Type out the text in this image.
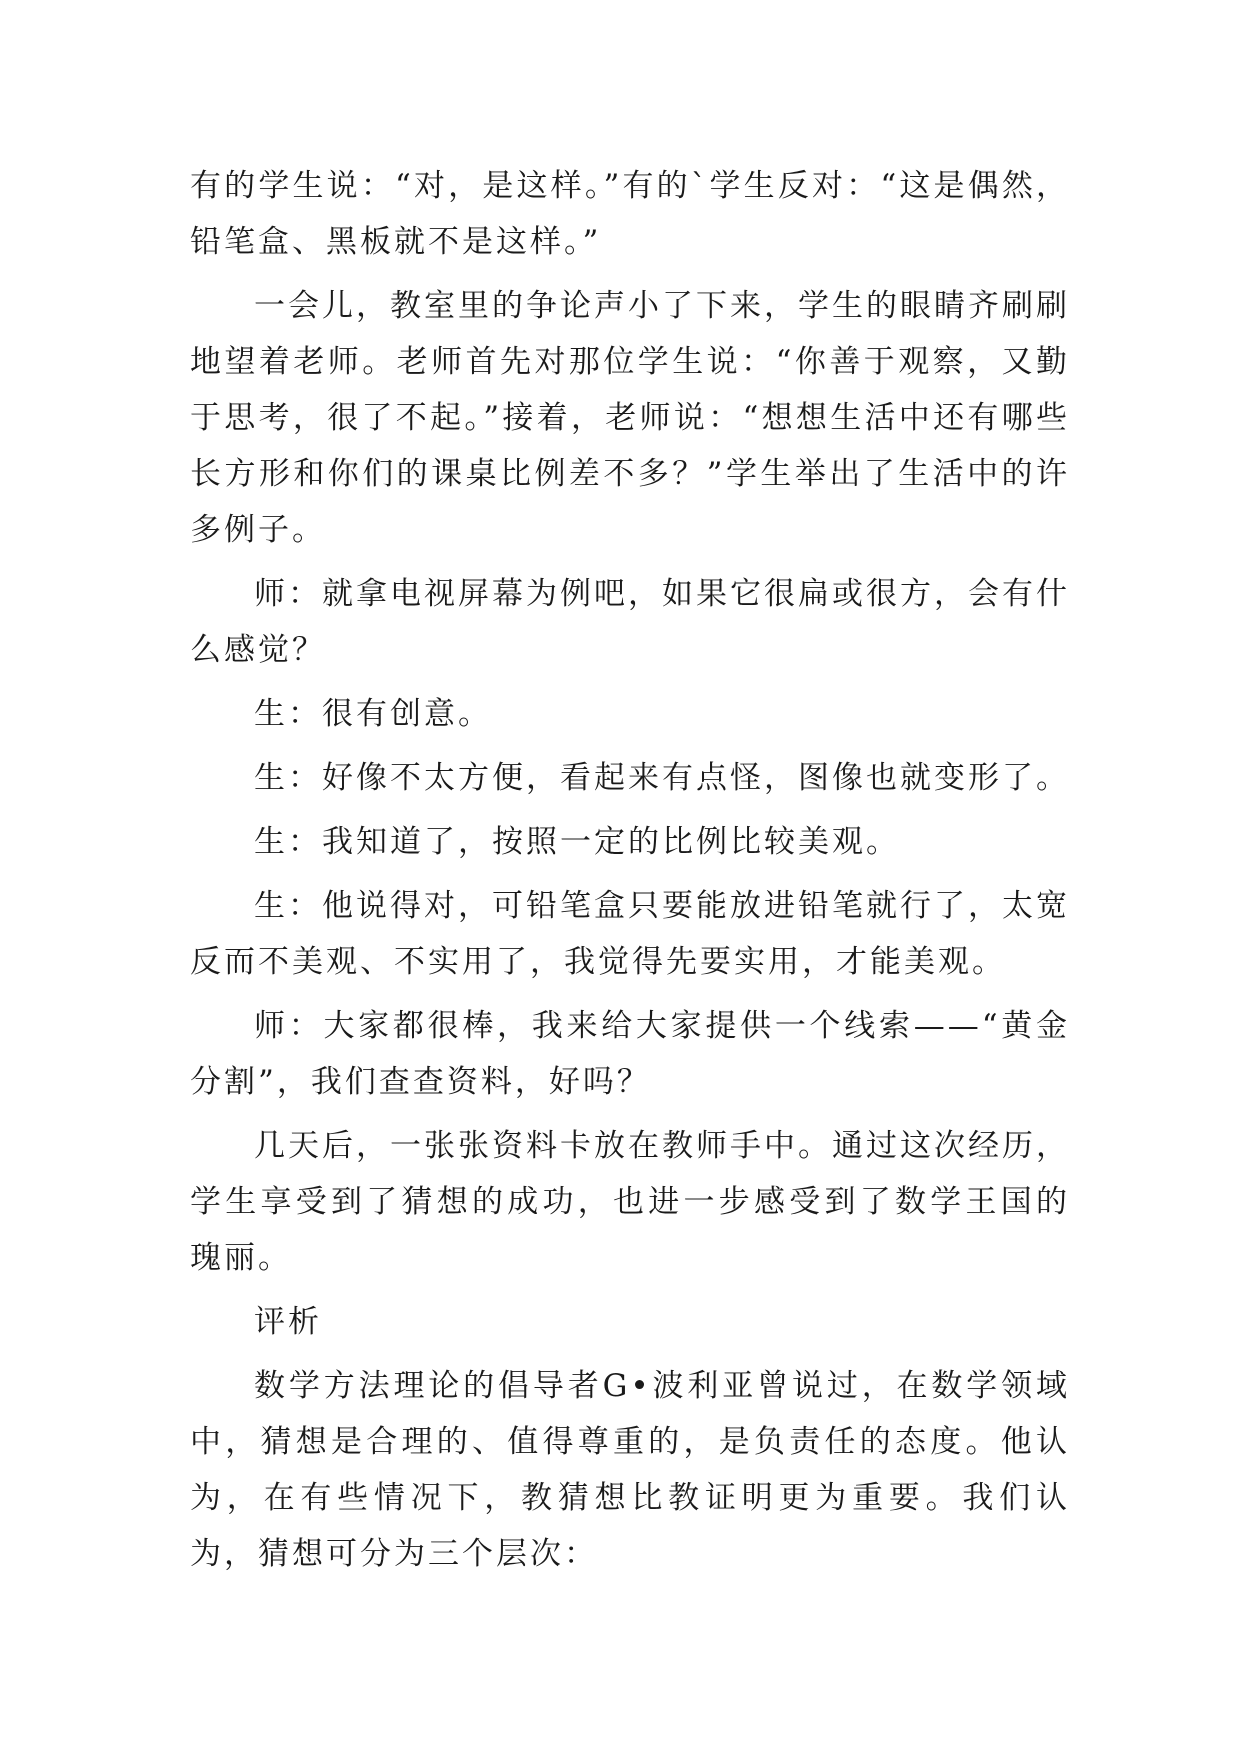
有的学生说：“对，是这样。”有的`学生反对：“这是偶然，铅笔盒、黑板就不是这样。”

一会儿，教室里的争论声小了下来，学生的眼睛齐刷刷地望着老师。老师首先对那位学生说：“你善于观察，又勤于思考，很了不起。”接着，老师说：“想想生活中还有哪些长方形和你们的课桌比例差不多？”学生举出了生活中的许多例子。

师：就拿电视屏幕为例吧，如果它很扁或很方，会有什么感觉？

生：很有创意。

生：好像不太方便，看起来有点怪，图像也就变形了。

生：我知道了，按照一定的比例比较美观。

生：他说得对，可铅笔盒只要能放进铅笔就行了，太宽反而不美观、不实用了，我觉得先要实用，才能美观。

师：大家都很棒，我来给大家提供一个线索——“黄金分割”，我们查查资料，好吗？

几天后，一张张资料卡放在教师手中。通过这次经历，学生享受到了猜想的成功，也进一步感受到了数学王国的瑰丽。

评析

数学方法理论的倡导者G•波利亚曾说过，在数学领域中，猜想是合理的、值得尊重的，是负责任的态度。他认为，在有些情况下，教猜想比教证明更为重要。我们认为，猜想可分为三个层次：
